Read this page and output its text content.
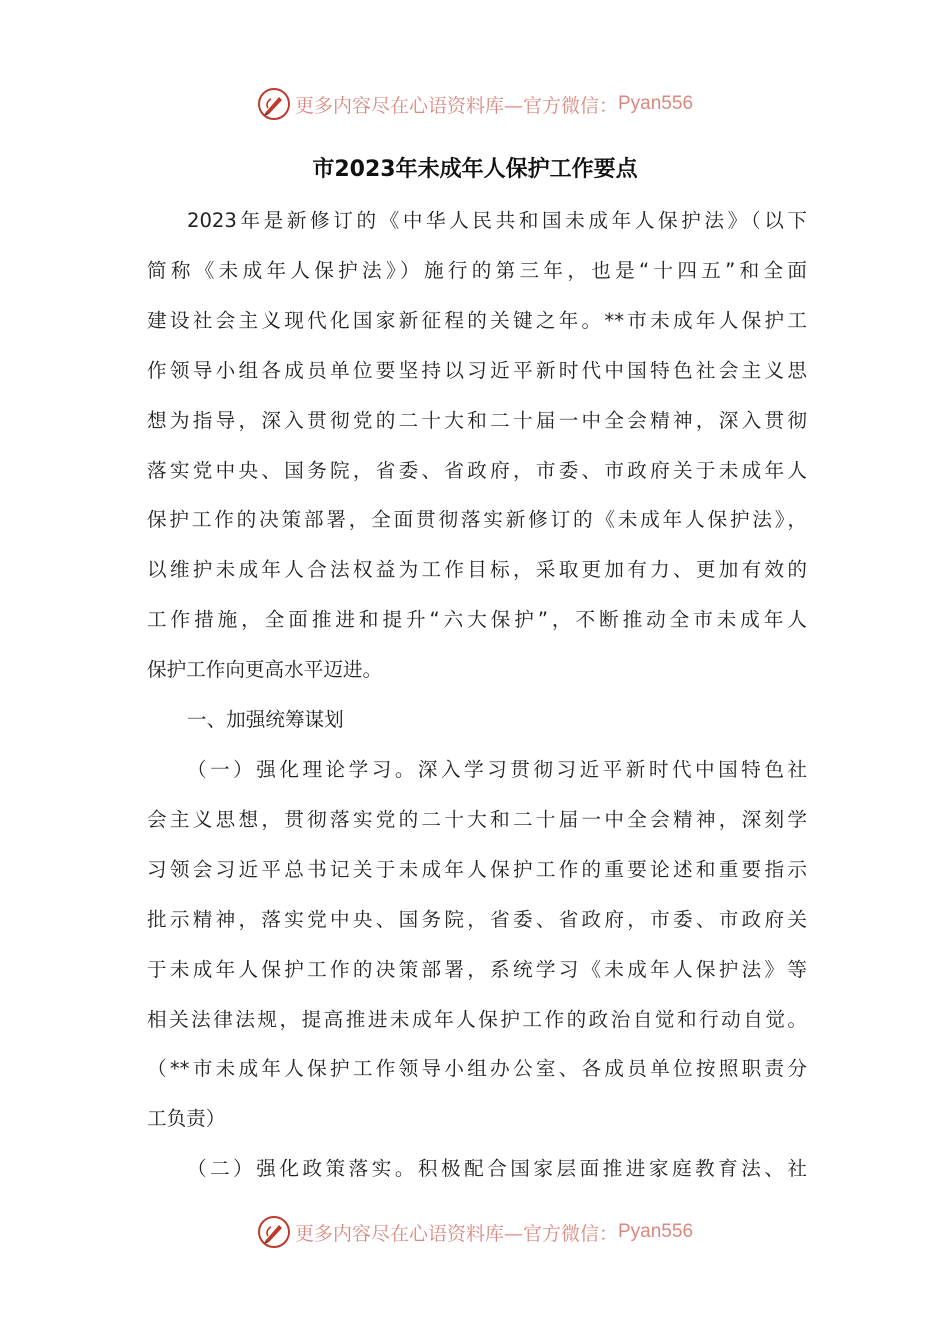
更多内容尽在心语资料库—官方微信： Pyan556
市2023年未成年人保护工作要点

2023年是新修订的《中华人民共和国未成年人保护法》（以下
简称《未成年人保护法》）施行的第三年，也是“十四五”和全面
建设社会主义现代化国家新征程的关键之年。**市未成年人保护工
作领导小组各成员单位要坚持以习近平新时代中国特色社会主义思
想为指导，深入贯彻党的二十大和二十届一中全会精神，深入贯彻
落实党中央、国务院，省委、省政府，市委、市政府关于未成年人
保护工作的决策部署，全面贯彻落实新修订的《未成年人保护法》，
以维护未成年人合法权益为工作目标，采取更加有力、更加有效的
工作措施，全面推进和提升“六大保护”，不断推动全市未成年人
保护工作向更高水平迈进。

一、加强统筹谋划

（一）强化理论学习。深入学习贯彻习近平新时代中国特色社
会主义思想，贯彻落实党的二十大和二十届一中全会精神，深刻学
习领会习近平总书记关于未成年人保护工作的重要论述和重要指示
批示精神，落实党中央、国务院，省委、省政府，市委、市政府关
于未成年人保护工作的决策部署，系统学习《未成年人保护法》等
相关法律法规，提高推进未成年人保护工作的政治自觉和行动自觉。
（**市未成年人保护工作领导小组办公室、各成员单位按照职责分
工负责）

（二）强化政策落实。积极配合国家层面推进家庭教育法、社

更多内容尽在心语资料库—官方微信： Pyan556
